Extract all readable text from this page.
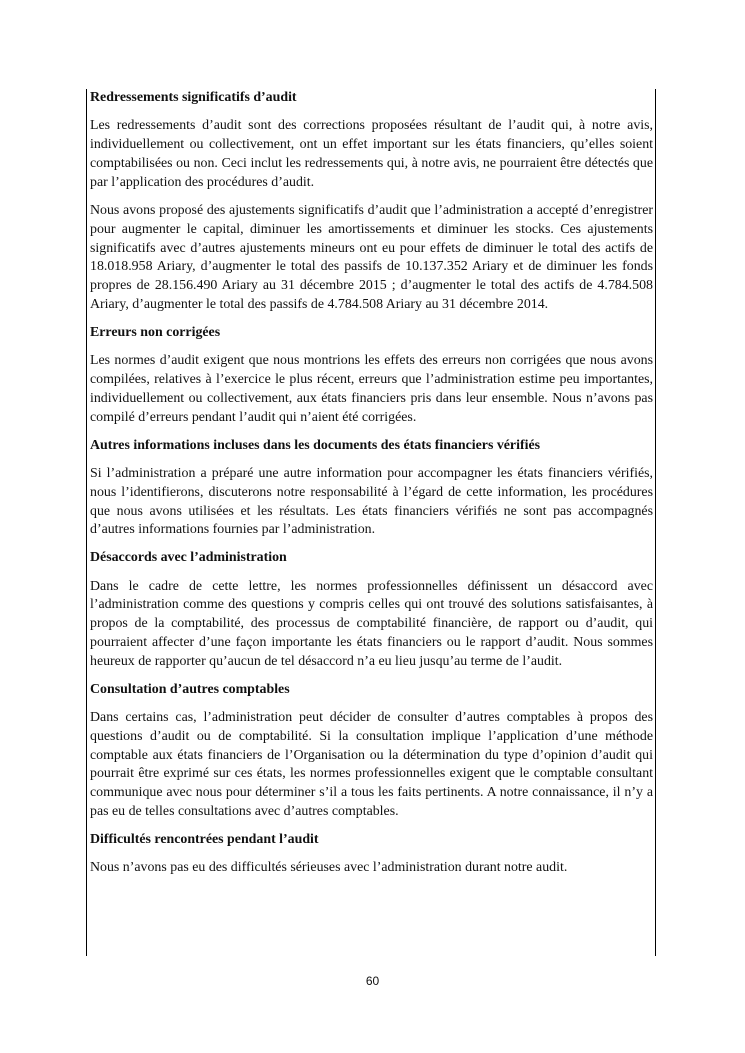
Redressements significatifs d’audit

Les redressements d’audit sont des corrections proposées résultant de l’audit qui, à notre avis, individuellement ou collectivement, ont un effet important sur les états financiers, qu’elles soient comptabilisées ou non. Ceci inclut les redressements qui, à notre avis, ne pourraient être détectés que par l’application des procédures d’audit.

Nous avons proposé des ajustements significatifs d’audit que l’administration a accepté d’enregistrer pour augmenter le capital, diminuer les amortissements et diminuer les stocks. Ces ajustements significatifs avec d’autres ajustements mineurs ont eu pour effets de diminuer le total des actifs de 18.018.958 Ariary, d’augmenter le total des passifs de 10.137.352 Ariary et de diminuer les fonds propres de 28.156.490 Ariary au 31 décembre 2015 ; d’augmenter le total des actifs de 4.784.508 Ariary, d’augmenter le total des passifs de 4.784.508 Ariary au 31 décembre 2014.

Erreurs non corrigées

Les normes d’audit exigent que nous montrions les effets des erreurs non corrigées que nous avons compilées, relatives à l’exercice le plus récent, erreurs que l’administration estime peu importantes, individuellement ou collectivement, aux états financiers pris dans leur ensemble. Nous n’avons pas compilé d’erreurs pendant l’audit qui n’aient été corrigées.

Autres informations incluses dans les documents des états financiers vérifiés

Si l’administration a préparé une autre information pour accompagner les états financiers vérifiés, nous l’identifierons, discuterons notre responsabilité à l’égard de cette information, les procédures que nous avons utilisées et les résultats. Les états financiers vérifiés ne sont pas accompagnés d’autres informations fournies par l’administration.

Désaccords avec l’administration

Dans le cadre de cette lettre, les normes professionnelles définissent un désaccord avec l’administration comme des questions y compris celles qui ont trouvé des solutions satisfaisantes, à propos de la comptabilité, des processus de comptabilité financière, de rapport ou d’audit, qui pourraient affecter d’une façon importante les états financiers ou le rapport d’audit. Nous sommes heureux de rapporter qu’aucun de tel désaccord n’a eu lieu jusqu’au terme de l’audit.

Consultation d’autres comptables

Dans certains cas, l’administration peut décider de consulter d’autres comptables à propos des questions d’audit ou de comptabilité. Si la consultation implique l’application d’une méthode comptable aux états financiers de l’Organisation ou la détermination du type d’opinion d’audit qui pourrait être exprimé sur ces états, les normes professionnelles exigent que le comptable consultant communique avec nous pour déterminer s’il a tous les faits pertinents. A notre connaissance, il n’y a pas eu de telles consultations avec d’autres comptables.

Difficultés rencontrées pendant l’audit

Nous n’avons pas eu des difficultés sérieuses avec l’administration durant notre audit.

60
